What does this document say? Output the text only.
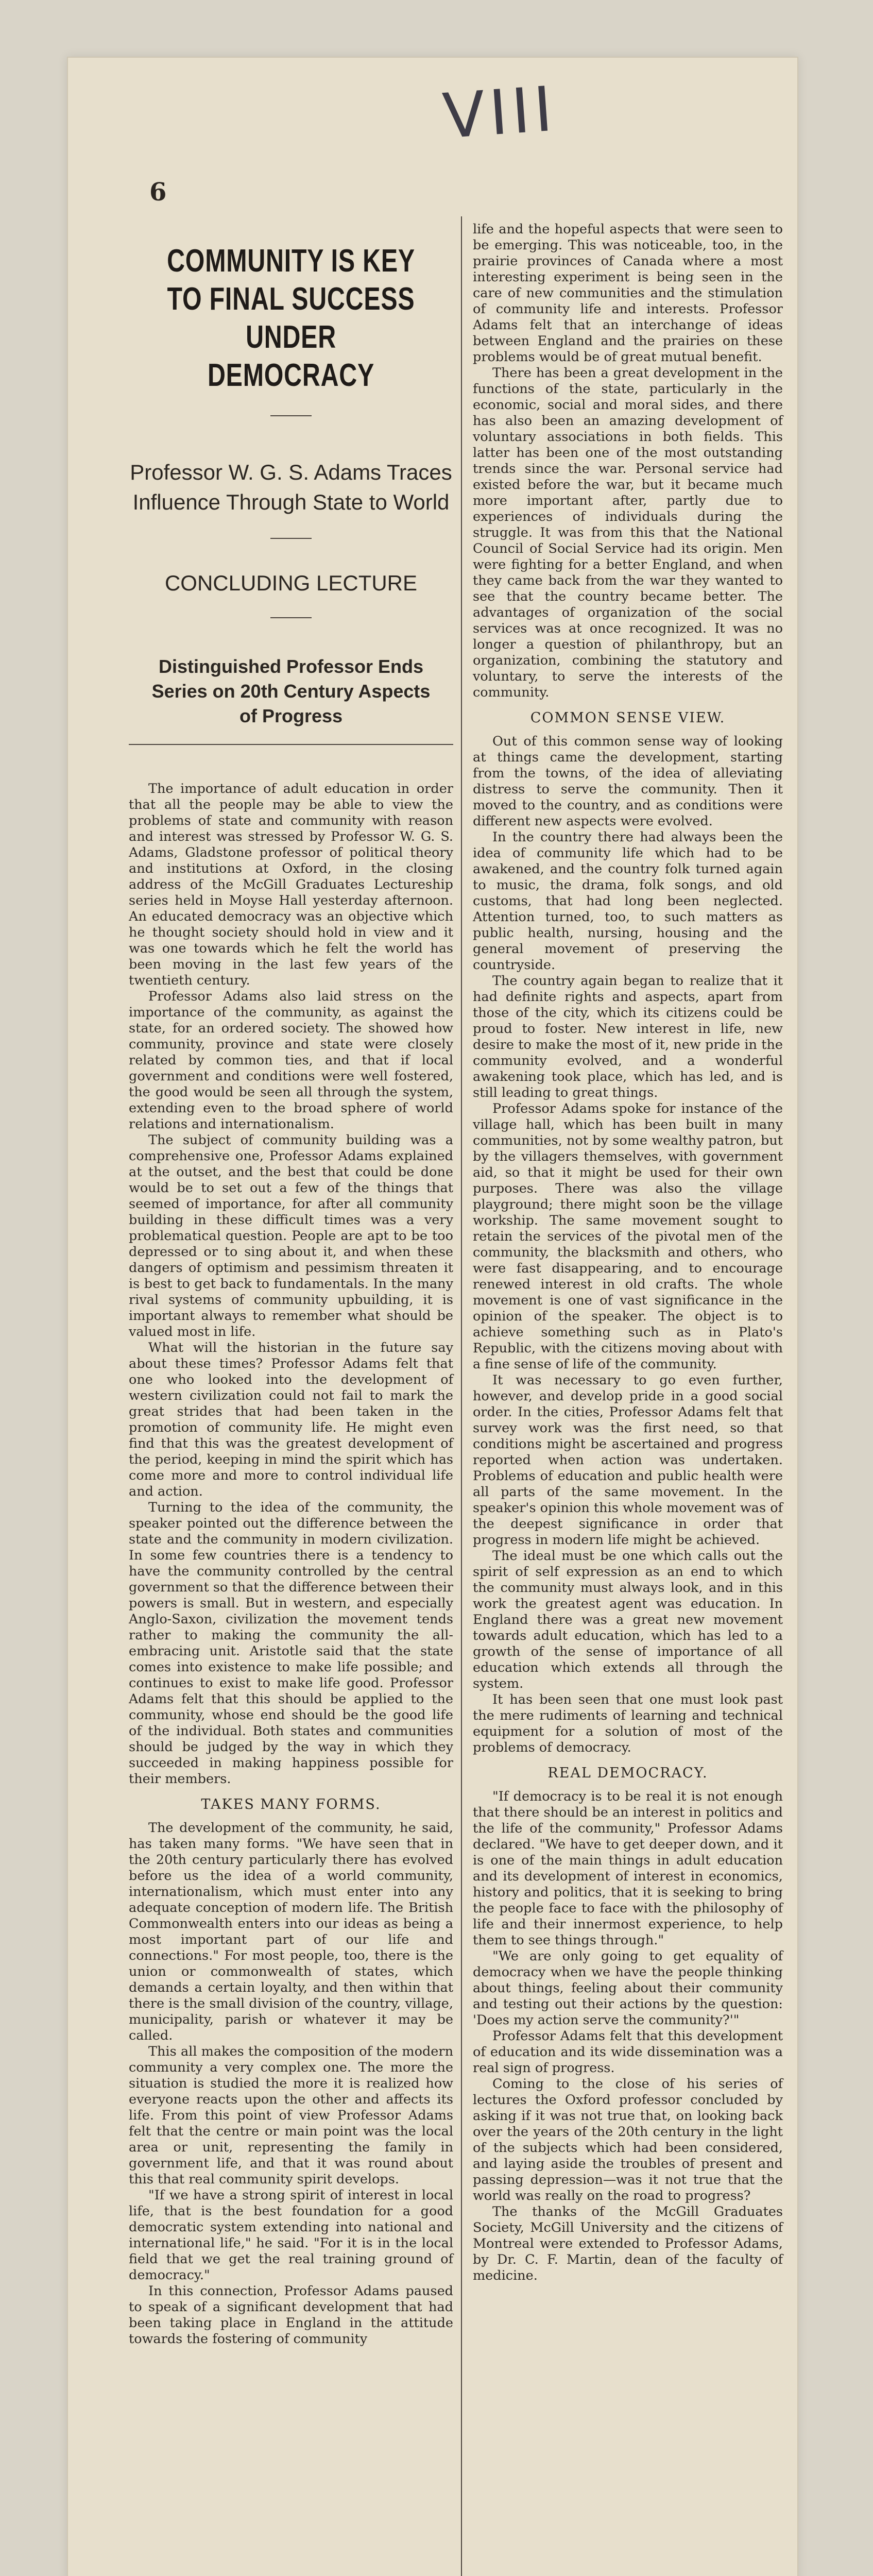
VIII
6
COMMUNITY IS KEY TO FINAL SUCCESS UNDER DEMOCRACY
Professor W. G. S. Adams Traces Influence Through State to World
CONCLUDING LECTURE
Distinguished Professor Ends Series on 20th Century Aspects of Progress

The importance of adult education in order that all the people may be able to view the problems of state and community with reason and interest was stressed by Professor W. G. S. Adams, Gladstone professor of political theory and institutions at Oxford, in the closing address of the McGill Graduates Lectureship series held in Moyse Hall yesterday afternoon. An educated democracy was an objective which he thought society should hold in view and it was one towards which he felt the world has been moving in the last few years of the twentieth century.

Professor Adams also laid stress on the importance of the community, as against the state, for an ordered society. The showed how community, province and state were closely related by common ties, and that if local government and conditions were well fostered, the good would be seen all through the system, extending even to the broad sphere of world relations and internationalism.

The subject of community building was a comprehensive one, Professor Adams explained at the outset, and the best that could be done would be to set out a few of the things that seemed of importance, for after all community building in these difficult times was a very problematical question. People are apt to be too depressed or to sing about it, and when these dangers of optimism and pessimism threaten it is best to get back to fundamentals. In the many rival systems of community upbuilding, it is important always to remember what should be valued most in life.

What will the historian in the future say about these times? Professor Adams felt that one who looked into the development of western civilization could not fail to mark the great strides that had been taken in the promotion of community life. He might even find that this was the greatest development of the period, keeping in mind the spirit which has come more and more to control individual life and action.

Turning to the idea of the community, the speaker pointed out the difference between the state and the community in modern civilization. In some few countries there is a tendency to have the community controlled by the central government so that the difference between their powers is small. But in western, and especially Anglo-Saxon, civilization the movement tends rather to making the community the all-embracing unit. Aristotle said that the state comes into existence to make life possible; and continues to exist to make life good. Professor Adams felt that this should be applied to the community, whose end should be the good life of the individual. Both states and communities should be judged by the way in which they succeeded in making happiness possible for their members.

TAKES MANY FORMS.

The development of the community, he said, has taken many forms. "We have seen that in the 20th century particularly there has evolved before us the idea of a world community, internationalism, which must enter into any adequate conception of modern life. The British Commonwealth enters into our ideas as being a most important part of our life and connections." For most people, too, there is the union or commonwealth of states, which demands a certain loyalty, and then within that there is the small division of the country, village, municipality, parish or whatever it may be called.

This all makes the composition of the modern community a very complex one. The more the situation is studied the more it is realized how everyone reacts upon the other and affects its life. From this point of view Professor Adams felt that the centre or main point was the local area or unit, representing the family in government life, and that it was round about this that real community spirit develops.

"If we have a strong spirit of interest in local life, that is the best foundation for a good democratic system extending into national and international life," he said. "For it is in the local field that we get the real training ground of democracy."

In this connection, Professor Adams paused to speak of a significant development that had been taking place in England in the attitude towards the fostering of community

life and the hopeful aspects that were seen to be emerging. This was noticeable, too, in the prairie provinces of Canada where a most interesting experiment is being seen in the care of new communities and the stimulation of community life and interests. Professor Adams felt that an interchange of ideas between England and the prairies on these problems would be of great mutual benefit.

There has been a great development in the functions of the state, particularly in the economic, social and moral sides, and there has also been an amazing development of voluntary associations in both fields. This latter has been one of the most outstanding trends since the war. Personal service had existed before the war, but it became much more important after, partly due to experiences of individuals during the struggle. It was from this that the National Council of Social Service had its origin. Men were fighting for a better England, and when they came back from the war they wanted to see that the country became better. The advantages of organization of the social services was at once recognized. It was no longer a question of philanthropy, but an organization, combining the statutory and voluntary, to serve the interests of the community.

COMMON SENSE VIEW.

Out of this common sense way of looking at things came the development, starting from the towns, of the idea of alleviating distress to serve the community. Then it moved to the country, and as conditions were different new aspects were evolved.

In the country there had always been the idea of community life which had to be awakened, and the country folk turned again to music, the drama, folk songs, and old customs, that had long been neglected. Attention turned, too, to such matters as public health, nursing, housing and the general movement of preserving the countryside.

The country again began to realize that it had definite rights and aspects, apart from those of the city, which its citizens could be proud to foster. New interest in life, new desire to make the most of it, new pride in the community evolved, and a wonderful awakening took place, which has led, and is still leading to great things.

Professor Adams spoke for instance of the village hall, which has been built in many communities, not by some wealthy patron, but by the villagers themselves, with government aid, so that it might be used for their own purposes. There was also the village playground; there might soon be the village workship. The same movement sought to retain the services of the pivotal men of the community, the blacksmith and others, who were fast disappearing, and to encourage renewed interest in old crafts. The whole movement is one of vast significance in the opinion of the speaker. The object is to achieve something such as in Plato's Republic, with the citizens moving about with a fine sense of life of the community.

It was necessary to go even further, however, and develop pride in a good social order. In the cities, Professor Adams felt that survey work was the first need, so that conditions might be ascertained and progress reported when action was undertaken. Problems of education and public health were all parts of the same movement. In the speaker's opinion this whole movement was of the deepest significance in order that progress in modern life might be achieved.

The ideal must be one which calls out the spirit of self expression as an end to which the community must always look, and in this work the greatest agent was education. In England there was a great new movement towards adult education, which has led to a growth of the sense of importance of all education which extends all through the system.

It has been seen that one must look past the mere rudiments of learning and technical equipment for a solution of most of the problems of democracy.

REAL DEMOCRACY.

"If democracy is to be real it is not enough that there should be an interest in politics and the life of the community," Professor Adams declared. "We have to get deeper down, and it is one of the main things in adult education and its development of interest in economics, history and politics, that it is seeking to bring the people face to face with the philosophy of life and their innermost experience, to help them to see things through."

"We are only going to get equality of democracy when we have the people thinking about things, feeling about their community and testing out their actions by the question: 'Does my action serve the community?'"

Professor Adams felt that this development of education and its wide dissemination was a real sign of progress.

Coming to the close of his series of lectures the Oxford professor concluded by asking if it was not true that, on looking back over the years of the 20th century in the light of the subjects which had been considered, and laying aside the troubles of present and passing depression—was it not true that the world was really on the road to progress?

The thanks of the McGill Graduates Society, McGill University and the citizens of Montreal were extended to Professor Adams, by Dr. C. F. Martin, dean of the faculty of medicine.
